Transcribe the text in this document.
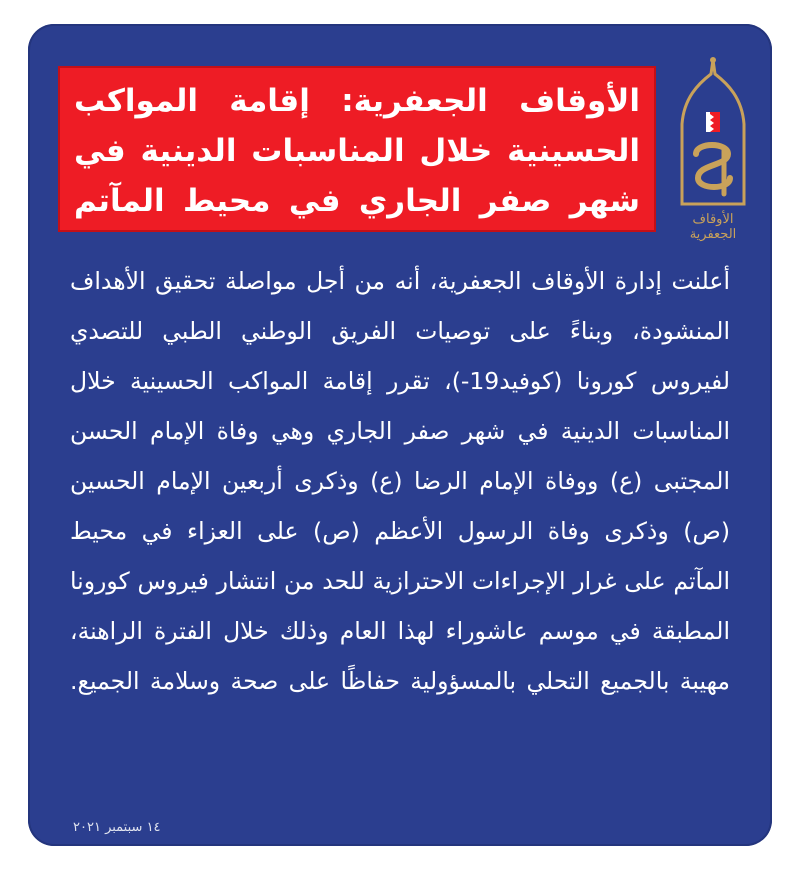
الأوقاف الجعفرية: إقامة المواكب الحسينية خلال المناسبات الدينية في شهر صفر الجاري في محيط المآتم

الأوقاف الجعفرية

أعلنت إدارة الأوقاف الجعفرية، أنه من أجل مواصلة تحقيق الأهداف المنشودة، وبناءً على توصيات الفريق الوطني الطبي للتصدي لفيروس كورونا (كوفيد19-)، تقرر إقامة المواكب الحسينية خلال المناسبات الدينية في شهر صفر الجاري وهي وفاة الإمام الحسن المجتبى (ع) ووفاة الإمام الرضا (ع) وذكرى أربعين الإمام الحسين (ص) وذكرى وفاة الرسول الأعظم (ص) على العزاء في محيط المآتم على غرار الإجراءات الاحترازية للحد من انتشار فيروس كورونا المطبقة في موسم عاشوراء لهذا العام وذلك خلال الفترة الراهنة، مهيبة بالجميع التحلي بالمسؤولية حفاظًا على صحة وسلامة الجميع.

١٤ سبتمبر ٢٠٢١
